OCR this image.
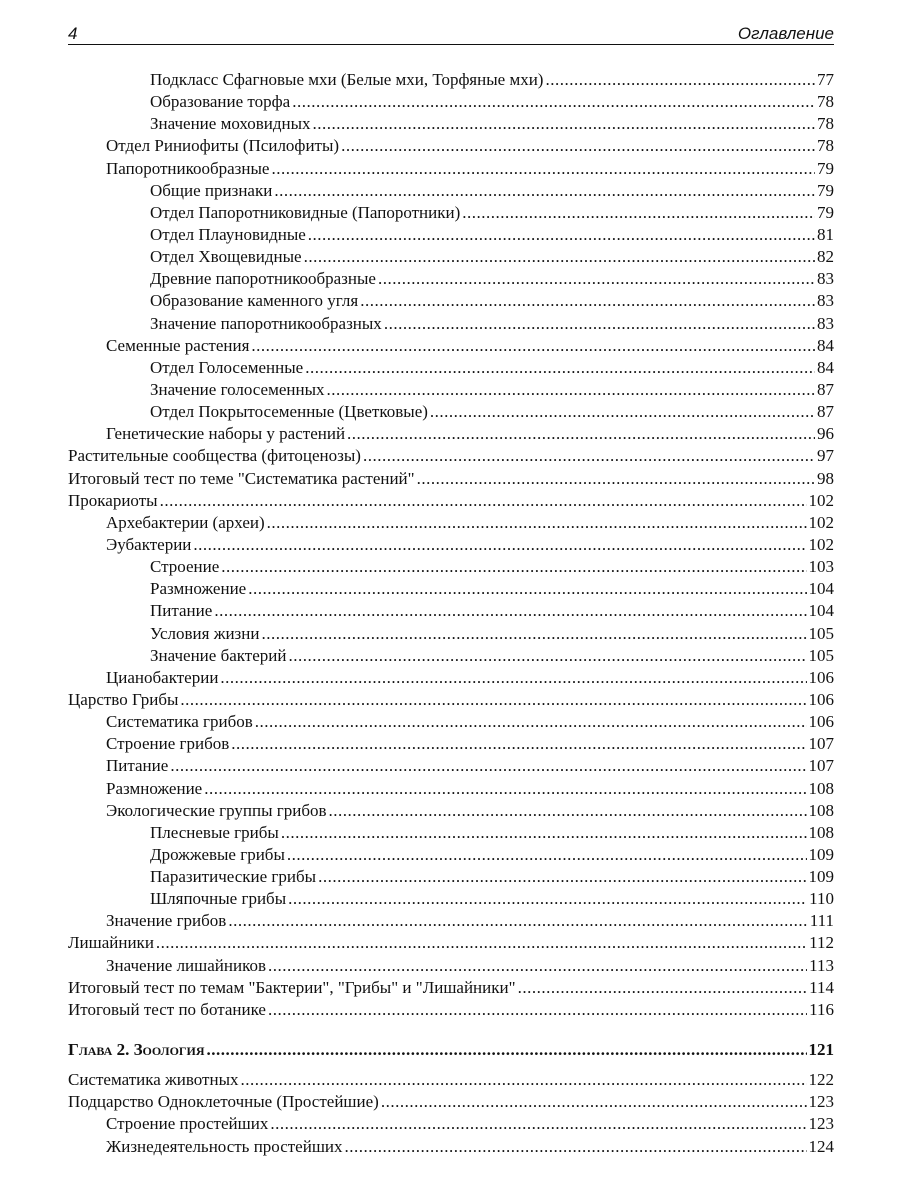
4	Оглавление
Подкласс Сфагновые мхи (Белые мхи, Торфяные мхи) .....	77
Образование торфа .....	78
Значение моховидных .....	78
Отдел Риниофиты (Псилофиты) .....	78
Папоротникообразные .....	79
Общие признаки .....	79
Отдел Папоротниковидные (Папоротники) .....	79
Отдел Плауновидные .....	81
Отдел Хвощевидные .....	82
Древние папоротникообразные .....	83
Образование каменного угля .....	83
Значение папоротникообразных .....	83
Семенные растения .....	84
Отдел Голосеменные .....	84
Значение голосеменных .....	87
Отдел Покрытосеменные (Цветковые) .....	87
Генетические наборы у растений .....	96
Растительные сообщества (фитоценозы) .....	97
Итоговый тест по теме "Систематика растений" .....	98
Прокариоты .....	102
Архебактерии (археи) .....	102
Эубактерии .....	102
Строение .....	103
Размножение .....	104
Питание .....	104
Условия жизни .....	105
Значение бактерий .....	105
Цианобактерии .....	106
Царство Грибы .....	106
Систематика грибов .....	106
Строение грибов .....	107
Питание .....	107
Размножение .....	108
Экологические группы грибов .....	108
Плесневые грибы .....	108
Дрожжевые грибы .....	109
Паразитические грибы .....	109
Шляпочные грибы .....	110
Значение грибов .....	111
Лишайники .....	112
Значение лишайников .....	113
Итоговый тест по темам "Бактерии", "Грибы" и "Лишайники" .....	114
Итоговый тест по ботанике .....	116
Глава 2. Зоология .....	121
Систематика животных .....	122
Подцарство Одноклеточные (Простейшие) .....	123
Строение простейших .....	123
Жизнедеятельность простейших .....	124
